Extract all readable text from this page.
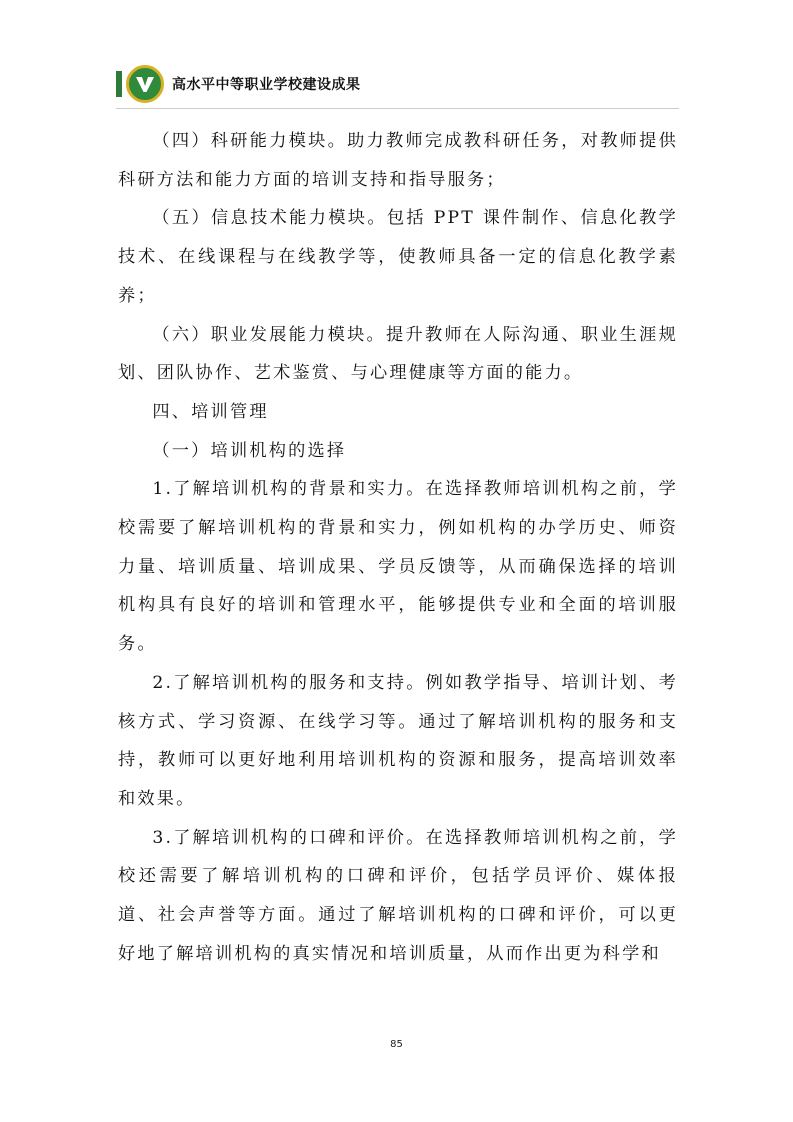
高水平中等职业学校建设成果

（四）科研能力模块。助力教师完成教科研任务，对教师提供科研方法和能力方面的培训支持和指导服务；

（五）信息技术能力模块。包括 PPT 课件制作、信息化教学技术、在线课程与在线教学等，使教师具备一定的信息化教学素养；

（六）职业发展能力模块。提升教师在人际沟通、职业生涯规划、团队协作、艺术鉴赏、与心理健康等方面的能力。

四、培训管理

（一）培训机构的选择

1.了解培训机构的背景和实力。在选择教师培训机构之前，学校需要了解培训机构的背景和实力，例如机构的办学历史、师资力量、培训质量、培训成果、学员反馈等，从而确保选择的培训机构具有良好的培训和管理水平，能够提供专业和全面的培训服务。

2.了解培训机构的服务和支持。例如教学指导、培训计划、考核方式、学习资源、在线学习等。通过了解培训机构的服务和支持，教师可以更好地利用培训机构的资源和服务，提高培训效率和效果。

3.了解培训机构的口碑和评价。在选择教师培训机构之前，学校还需要了解培训机构的口碑和评价，包括学员评价、媒体报道、社会声誉等方面。通过了解培训机构的口碑和评价，可以更好地了解培训机构的真实情况和培训质量，从而作出更为科学和

85
